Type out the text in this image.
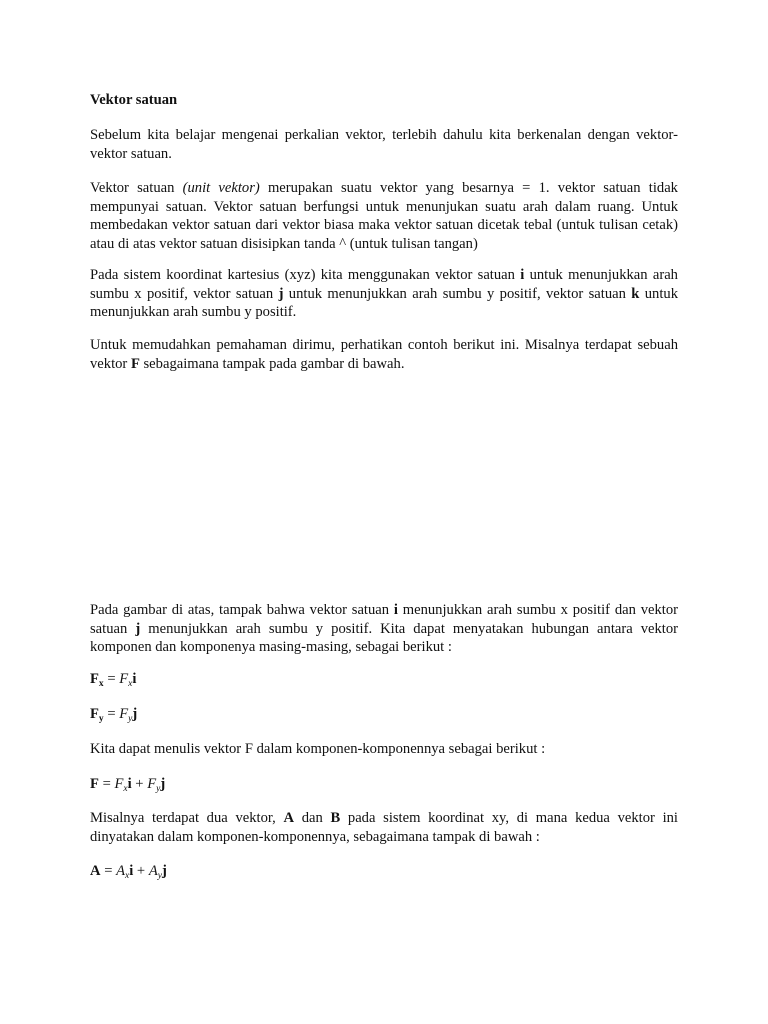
Vektor satuan

Sebelum kita belajar mengenai perkalian vektor, terlebih dahulu kita berkenalan dengan vektor-vektor satuan.

Vektor satuan (unit vektor) merupakan suatu vektor yang besarnya = 1. vektor satuan tidak mempunyai satuan. Vektor satuan berfungsi untuk menunjukan suatu arah dalam ruang. Untuk membedakan vektor satuan dari vektor biasa maka vektor satuan dicetak tebal (untuk tulisan cetak) atau di atas vektor satuan disisipkan tanda ^ (untuk tulisan tangan)

Pada sistem koordinat kartesius (xyz) kita menggunakan vektor satuan i untuk menunjukkan arah sumbu x positif, vektor satuan j untuk menunjukkan arah sumbu y positif, vektor satuan k untuk menunjukkan arah sumbu y positif.

Untuk memudahkan pemahaman dirimu, perhatikan contoh berikut ini. Misalnya terdapat sebuah vektor F sebagaimana tampak pada gambar di bawah.

Pada gambar di atas, tampak bahwa vektor satuan i menunjukkan arah sumbu x positif dan vektor satuan j menunjukkan arah sumbu y positif. Kita dapat menyatakan hubungan antara vektor komponen dan komponenya masing-masing, sebagai berikut :

$F_x = F_xi$

$F_y = F_yj$

Kita dapat menulis vektor F dalam komponen-komponennya sebagai berikut :

$F = F_xi + F_yj$

Misalnya terdapat dua vektor, A dan B pada sistem koordinat xy, di mana kedua vektor ini dinyatakan dalam komponen-komponennya, sebagaimana tampak di bawah :

$A = A_xi + A_yj$
